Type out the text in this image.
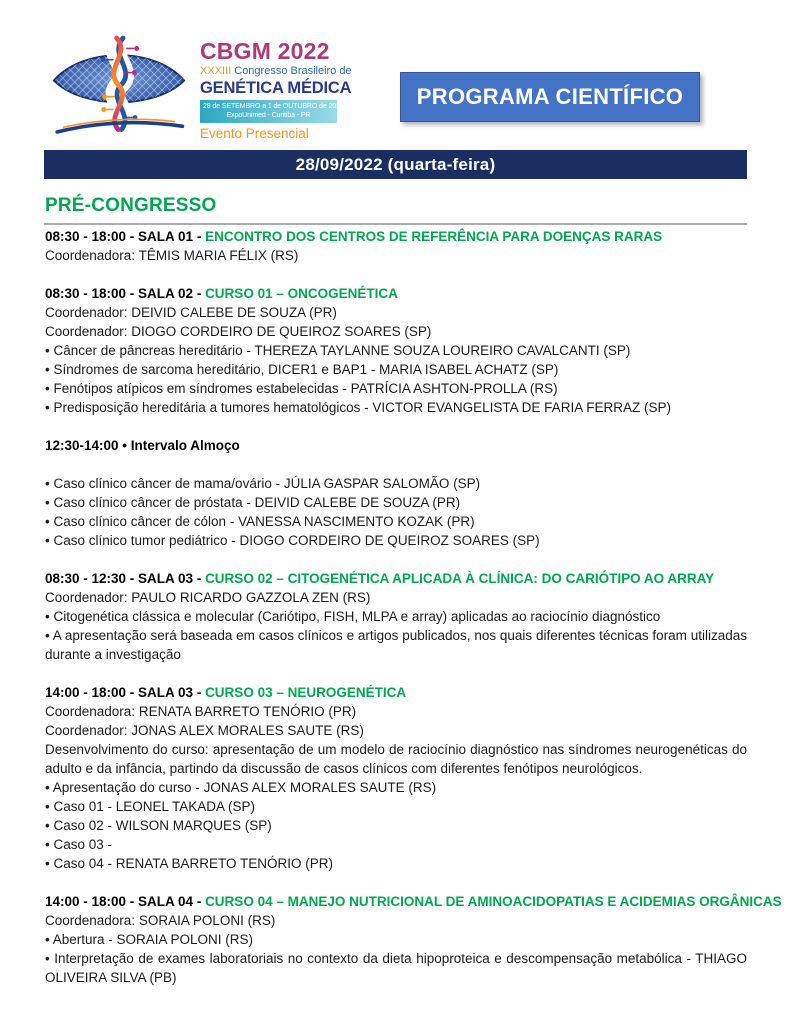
CBGM 2022
XXXIII Congresso Brasileiro de
GENÉTICA MÉDICA
28 de SETEMBRO a 1 de OUTUBRO de 2022
ExpoUnimed - Curitiba - PR
Evento Presencial
PROGRAMA CIENTÍFICO
28/09/2022 (quarta-feira)
PRÉ-CONGRESSO

08:30 - 18:00 - SALA 01 - ENCONTRO DOS CENTROS DE REFERÊNCIA PARA DOENÇAS RARAS

Coordenadora: TÊMIS MARIA FÉLIX (RS)

08:30 - 18:00 - SALA 02 - CURSO 01 – ONCOGENÉTICA

Coordenador: DEIVID CALEBE DE SOUZA (PR)

Coordenador: DIOGO CORDEIRO DE QUEIROZ SOARES (SP)

• Câncer de pâncreas hereditário - THEREZA TAYLANNE SOUZA LOUREIRO CAVALCANTI (SP)

• Síndromes de sarcoma hereditário, DICER1 e BAP1 - MARIA ISABEL ACHATZ (SP)

• Fenótipos atípicos em síndromes estabelecidas - PATRÍCIA ASHTON-PROLLA (RS)

• Predisposição hereditária a tumores hematológicos - VICTOR EVANGELISTA DE FARIA FERRAZ (SP)

12:30-14:00 • Intervalo Almoço

• Caso clínico câncer de mama/ovário - JÚLIA GASPAR SALOMÃO (SP)

• Caso clínico câncer de próstata - DEIVID CALEBE DE SOUZA (PR)

• Caso clínico câncer de cólon - VANESSA NASCIMENTO KOZAK (PR)

• Caso clínico tumor pediátrico - DIOGO CORDEIRO DE QUEIROZ SOARES (SP)

08:30 - 12:30 - SALA 03 - CURSO 02 – CITOGENÉTICA APLICADA À CLÍNICA: DO CARIÓTIPO AO ARRAY

Coordenador: PAULO RICARDO GAZZOLA ZEN (RS)

• Citogenética clássica e molecular (Cariótipo, FISH, MLPA e array) aplicadas ao raciocínio diagnóstico

• A apresentação será baseada em casos clínicos e artigos publicados, nos quais diferentes técnicas foram utilizadas durante a investigação

14:00 - 18:00 - SALA 03 - CURSO 03 – NEUROGENÉTICA

Coordenadora: RENATA BARRETO TENÓRIO (PR)

Coordenador: JONAS ALEX MORALES SAUTE (RS)

Desenvolvimento do curso: apresentação de um modelo de raciocínio diagnóstico nas síndromes neurogenéticas do adulto e da infância, partindo da discussão de casos clínicos com diferentes fenótipos neurológicos.

• Apresentação do curso - JONAS ALEX MORALES SAUTE (RS)

• Caso 01 - LEONEL TAKADA (SP)

• Caso 02 - WILSON MARQUES (SP)

• Caso 03 -

• Caso 04 - RENATA BARRETO TENÓRIO (PR)

14:00 - 18:00 - SALA 04 - CURSO 04 – MANEJO NUTRICIONAL DE AMINOACIDOPATIAS E ACIDEMIAS ORGÂNICAS

Coordenadora: SORAIA POLONI (RS)

• Abertura - SORAIA POLONI (RS)

• Interpretação de exames laboratoriais no contexto da dieta hipoproteica e descompensação metabólica - THIAGO OLIVEIRA SILVA (PB)
